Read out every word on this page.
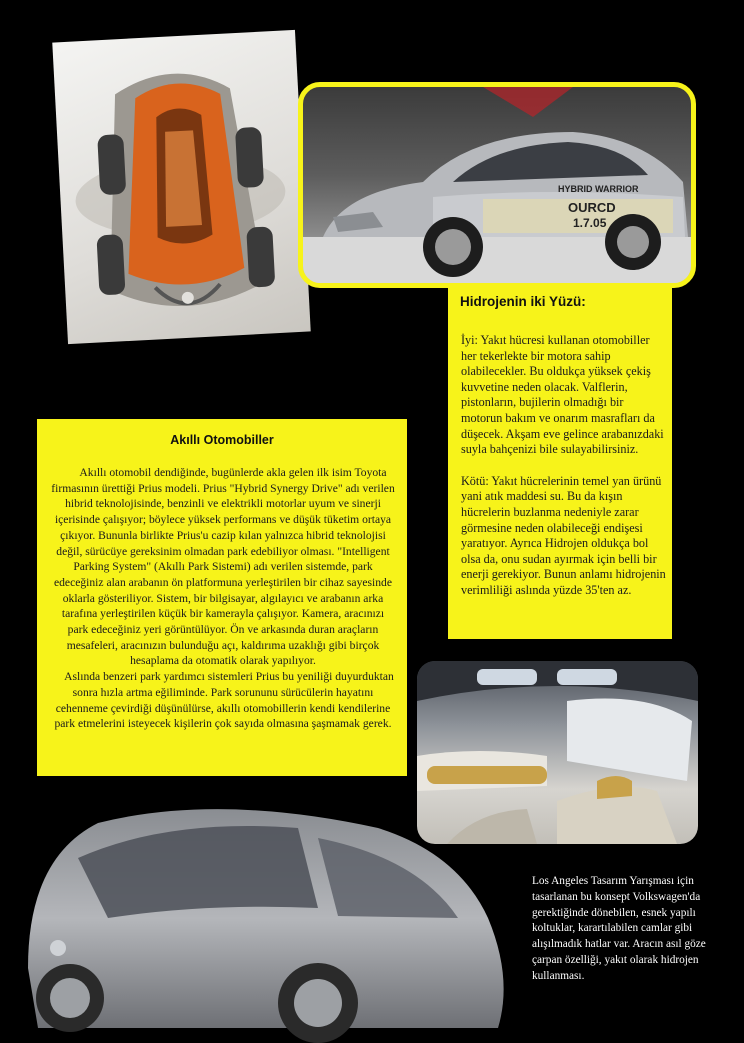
HYBRID WARRIOR
OURCD
1.7.05
Hidrojenin iki Yüzü:

İyi: Yakıt hücresi kullanan otomobiller her tekerlekte bir motora sahip olabilecekler. Bu oldukça yüksek çekiş kuvvetine neden olacak. Valflerin, pistonların, bujilerin olmadığı bir motorun bakım ve onarım masrafları da düşecek. Akşam eve gelince arabanızdaki suyla bahçenizi bile sulayabilirsiniz.

Kötü: Yakıt hücrelerinin temel yan ürünü yani atık maddesi su. Bu da kışın hücrelerin buzlanma nedeniyle zarar görmesine neden olabileceği endişesi yaratıyor. Ayrıca Hidrojen oldukça bol olsa da, onu sudan ayırmak için belli bir enerji gerekiyor. Bunun anlamı hidrojenin verimliliği aslında yüzde 35'ten az.

Akıllı Otomobiller

Akıllı otomobil dendiğinde, bugünlerde akla gelen ilk isim Toyota firmasının ürettiği Prius modeli. Prius "Hybrid Synergy Drive" adı verilen hibrid teknolojisinde, benzinli ve elektrikli motorlar uyum ve sinerji içerisinde çalışıyor; böylece yüksek performans ve düşük tüketim ortaya çıkıyor. Bununla birlikte Prius'u cazip kılan yalnızca hibrid teknolojisi değil, sürücüye gereksinim olmadan park edebiliyor olması. "Intelligent Parking System" (Akıllı Park Sistemi) adı verilen sistemde, park edeceğiniz alan arabanın ön platformuna yerleştirilen bir cihaz sayesinde oklarla gösteriliyor. Sistem, bir bilgisayar, algılayıcı ve arabanın arka tarafına yerleştirilen küçük bir kamerayla çalışıyor. Kamera, aracınızı park edeceğiniz yeri görüntülüyor. Ön ve arkasında duran araçların mesafeleri, aracınızın bulunduğu açı, kaldırıma uzaklığı gibi birçok hesaplama da otomatik olarak yapılıyor.

Aslında benzeri park yardımcı sistemleri Prius bu yeniliği duyurduktan sonra hızla artma eğiliminde. Park sorununu sürücülerin hayatını cehenneme çevirdiği düşünülürse, akıllı otomobillerin kendi kendilerine park etmelerini isteyecek kişilerin çok sayıda olmasına şaşmamak gerek.

Los Angeles Tasarım Yarışması için tasarlanan bu konsept Volkswagen'da gerektiğinde dönebilen, esnek yapılı koltuklar, karartılabilen camlar gibi alışılmadık hatlar var. Aracın asıl göze çarpan özelliği, yakıt olarak hidrojen kullanması.
